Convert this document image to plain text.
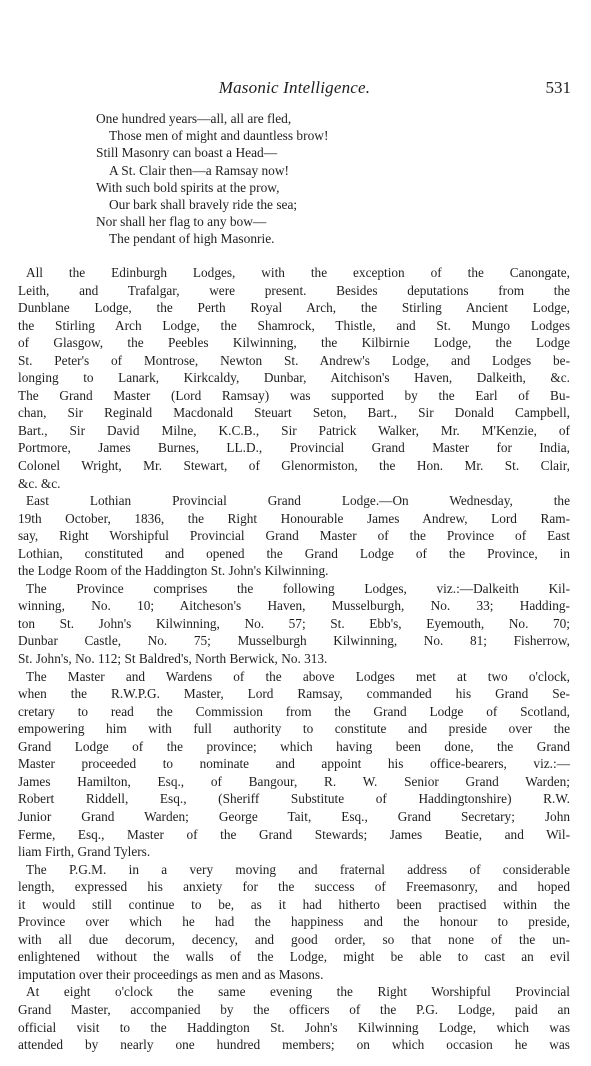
Masonic Intelligence.	531
One hundred years—all, all are fled,
Those men of might and dauntless brow!
Still Masonry can boast a Head—
A St. Clair then—a Ramsay now!
With such bold spirits at the prow,
Our bark shall bravely ride the sea;
Nor shall her flag to any bow—
The pendant of high Masonrie.
All the Edinburgh Lodges, with the exception of the Canongate,
Leith, and Trafalgar, were present. Besides deputations from the
Dunblane Lodge, the Perth Royal Arch, the Stirling Ancient Lodge,
the Stirling Arch Lodge, the Shamrock, Thistle, and St. Mungo Lodges
of Glasgow, the Peebles Kilwinning, the Kilbirnie Lodge, the Lodge
St. Peter's of Montrose, Newton St. Andrew's Lodge, and Lodges be-
longing to Lanark, Kirkcaldy, Dunbar, Aitchison's Haven, Dalkeith, &c.
The Grand Master (Lord Ramsay) was supported by the Earl of Bu-
chan, Sir Reginald Macdonald Steuart Seton, Bart., Sir Donald Campbell,
Bart., Sir David Milne, K.C.B., Sir Patrick Walker, Mr. M'Kenzie, of
Portmore, James Burnes, LL.D., Provincial Grand Master for India,
Colonel Wright, Mr. Stewart, of Glenormiston, the Hon. Mr. St. Clair,
&c. &c.
East Lothian Provincial Grand Lodge.—On Wednesday, the
19th October, 1836, the Right Honourable James Andrew, Lord Ram-
say, Right Worshipful Provincial Grand Master of the Province of East
Lothian, constituted and opened the Grand Lodge of the Province, in
the Lodge Room of the Haddington St. John's Kilwinning.
The Province comprises the following Lodges, viz.:—Dalkeith Kil-
winning, No. 10; Aitcheson's Haven, Musselburgh, No. 33; Hadding-
ton St. John's Kilwinning, No. 57; St. Ebb's, Eyemouth, No. 70;
Dunbar Castle, No. 75; Musselburgh Kilwinning, No. 81; Fisherrow,
St. John's, No. 112; St Baldred's, North Berwick, No. 313.
The Master and Wardens of the above Lodges met at two o'clock,
when the R.W.P.G. Master, Lord Ramsay, commanded his Grand Se-
cretary to read the Commission from the Grand Lodge of Scotland,
empowering him with full authority to constitute and preside over the
Grand Lodge of the province; which having been done, the Grand
Master proceeded to nominate and appoint his office-bearers, viz.:—
James Hamilton, Esq., of Bangour, R. W. Senior Grand Warden;
Robert Riddell, Esq., (Sheriff Substitute of Haddingtonshire) R.W.
Junior Grand Warden; George Tait, Esq., Grand Secretary; John
Ferme, Esq., Master of the Grand Stewards; James Beatie, and Wil-
liam Firth, Grand Tylers.
The P.G.M. in a very moving and fraternal address of considerable
length, expressed his anxiety for the success of Freemasonry, and hoped
it would still continue to be, as it had hitherto been practised within the
Province over which he had the happiness and the honour to preside,
with all due decorum, decency, and good order, so that none of the un-
enlightened without the walls of the Lodge, might be able to cast an evil
imputation over their proceedings as men and as Masons.
At eight o'clock the same evening the Right Worshipful Provincial
Grand Master, accompanied by the officers of the P.G. Lodge, paid an
official visit to the Haddington St. John's Kilwinning Lodge, which was
attended by nearly one hundred members; on which occasion he was
